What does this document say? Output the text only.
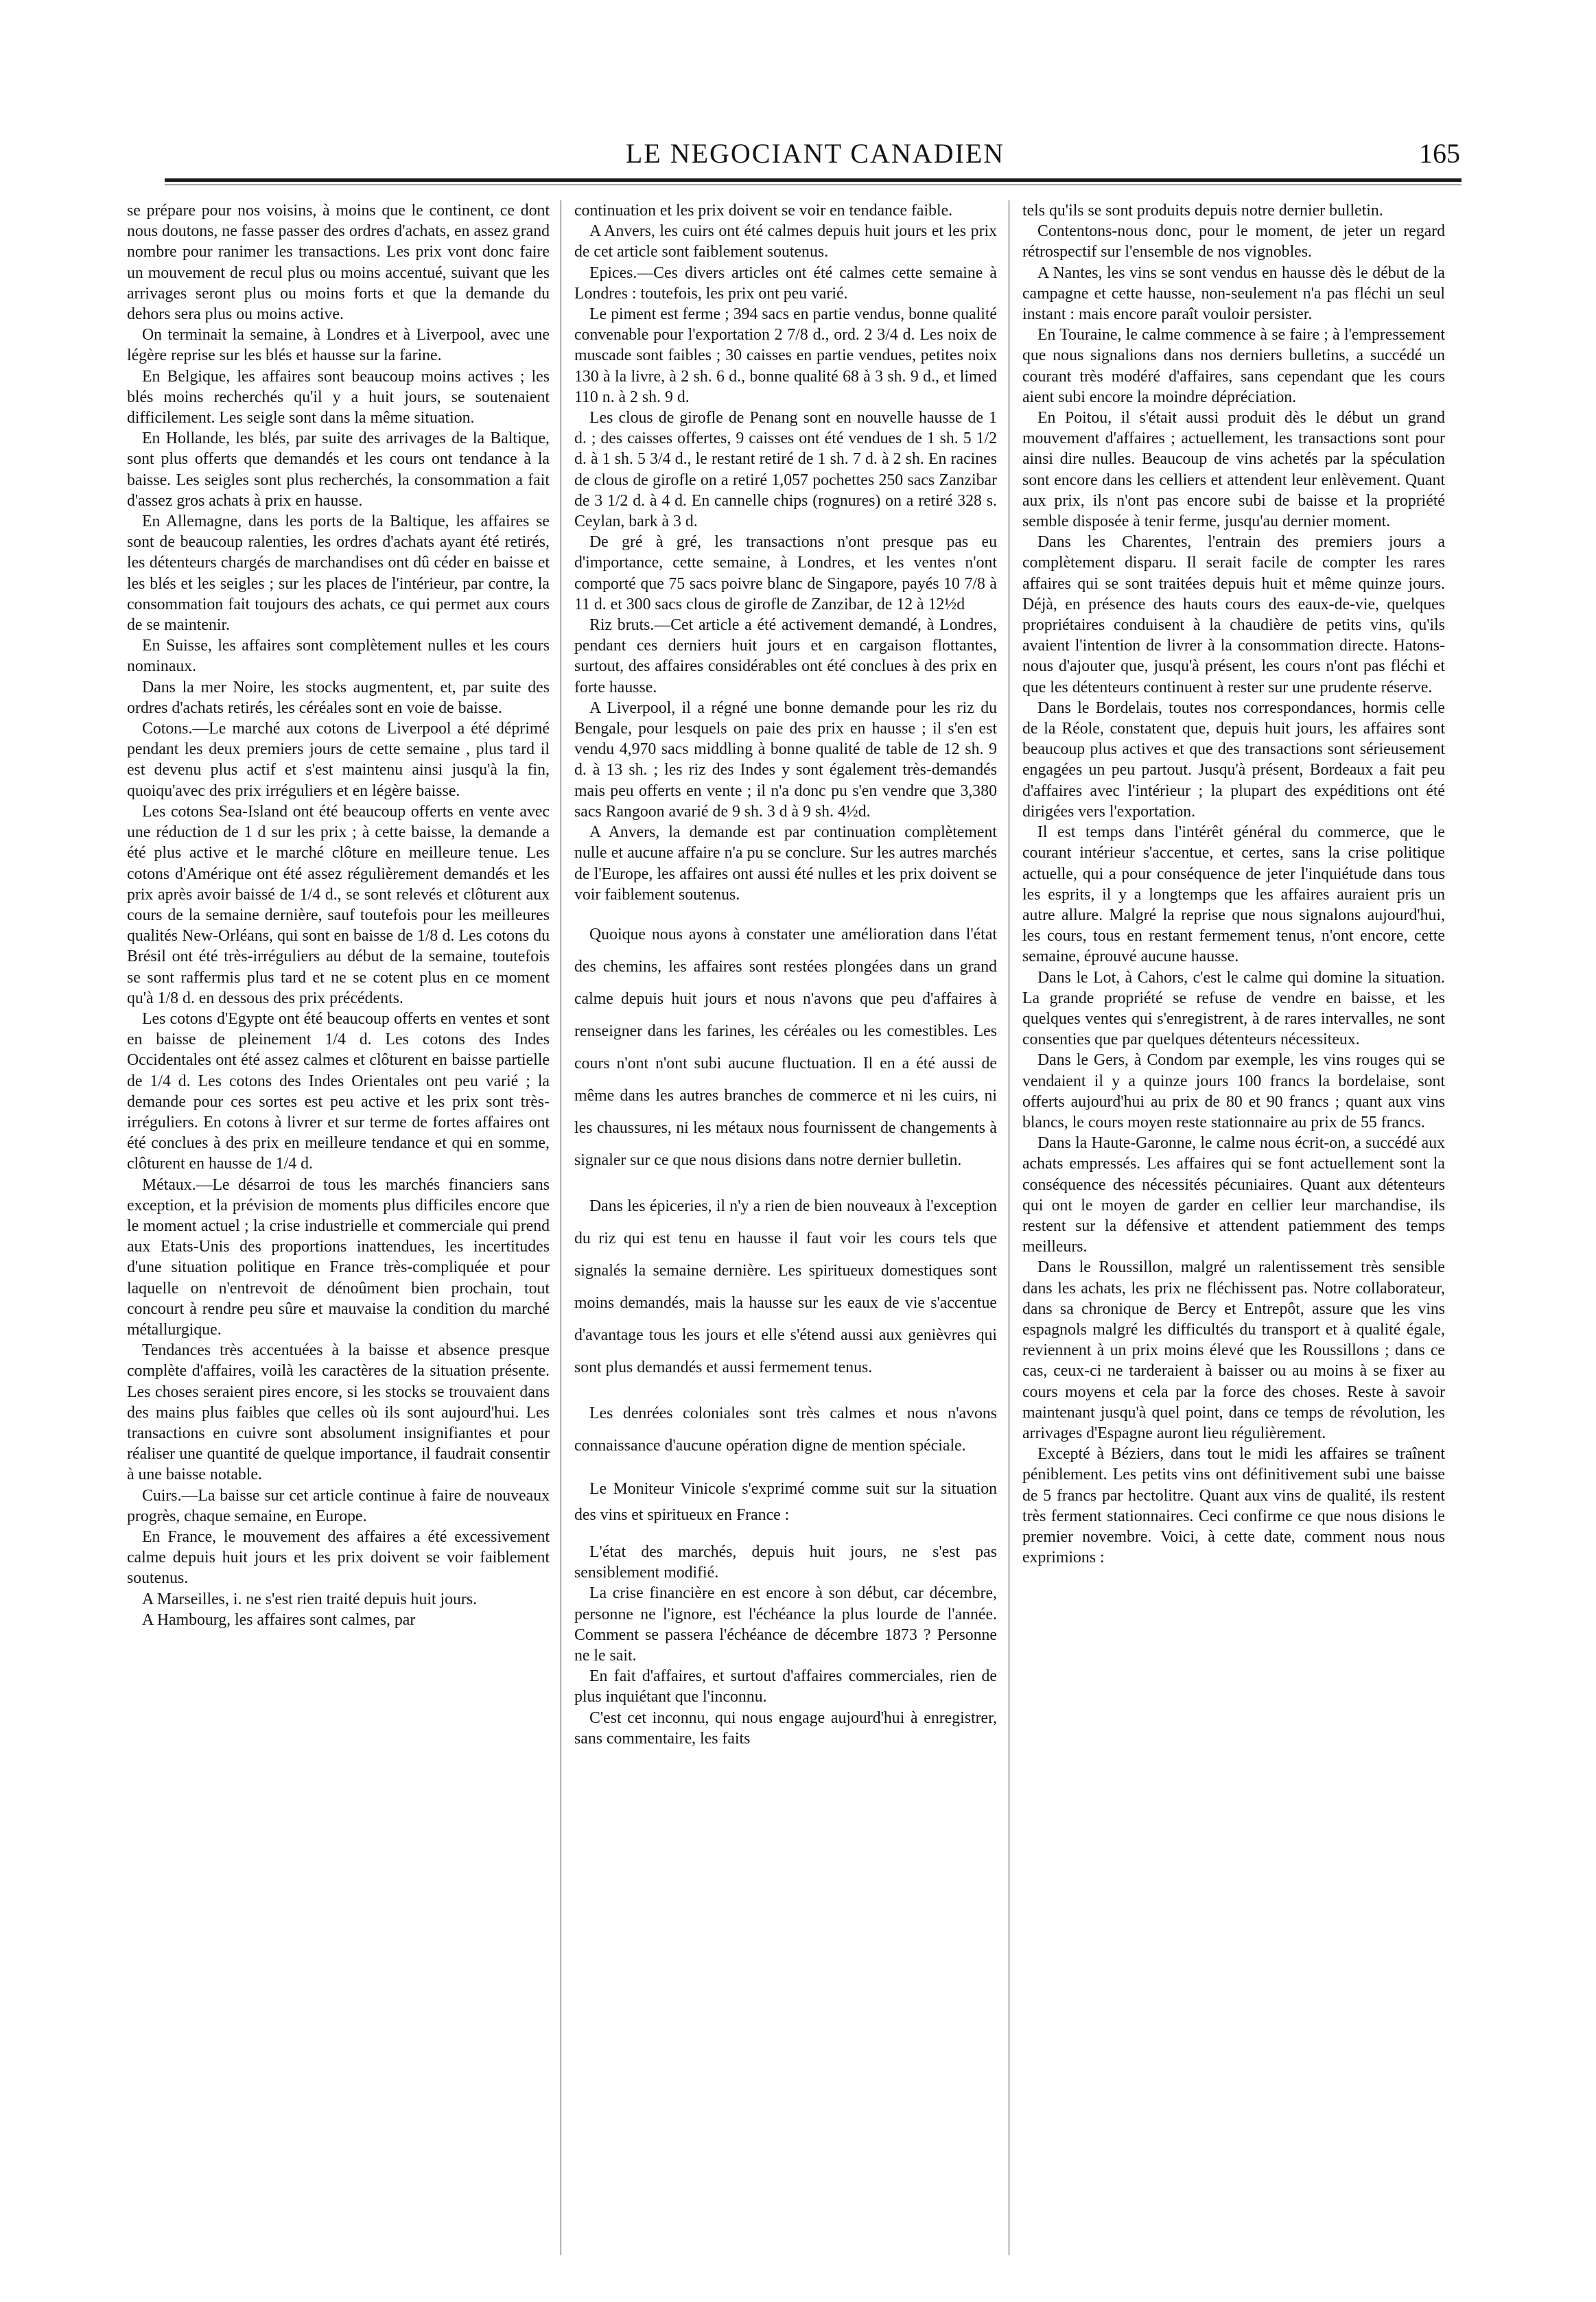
LE NEGOCIANT CANADIEN	165

se prépare pour nos voisins, à moins que le continent, ce dont nous doutons, ne fasse passer des ordres d'achats, en assez grand nombre pour ranimer les transactions. Les prix vont donc faire un mouvement de recul plus ou moins accentué, suivant que les arrivages seront plus ou moins forts et que la demande du dehors sera plus ou moins active.

On terminait la semaine, à Londres et à Liverpool, avec une légère reprise sur les blés et hausse sur la farine.

En Belgique, les affaires sont beaucoup moins actives ; les blés moins recherchés qu'il y a huit jours, se soutenaient difficilement. Les seigle sont dans la même situation.

En Hollande, les blés, par suite des arrivages de la Baltique, sont plus offerts que demandés et les cours ont tendance à la baisse. Les seigles sont plus recherchés, la consommation a fait d'assez gros achats à prix en hausse.

En Allemagne, dans les ports de la Baltique, les affaires se sont de beaucoup ralenties, les ordres d'achats ayant été retirés, les détenteurs chargés de marchandises ont dû céder en baisse et les blés et les seigles ; sur les places de l'intérieur, par contre, la consommation fait toujours des achats, ce qui permet aux cours de se maintenir.

En Suisse, les affaires sont complètement nulles et les cours nominaux.

Dans la mer Noire, les stocks augmentent, et, par suite des ordres d'achats retirés, les céréales sont en voie de baisse.

Cotons.—Le marché aux cotons de Liverpool a été déprimé pendant les deux premiers jours de cette semaine , plus tard il est devenu plus actif et s'est maintenu ainsi jusqu'à la fin, quoiqu'avec des prix irréguliers et en légère baisse.

Les cotons Sea-Island ont été beaucoup offerts en vente avec une réduction de 1 d sur les prix ; à cette baisse, la demande a été plus active et le marché clôture en meilleure tenue. Les cotons d'Amérique ont été assez régulièrement demandés et les prix après avoir baissé de 1/4 d., se sont relevés et clôturent aux cours de la semaine dernière, sauf toutefois pour les meilleures qualités New-Orléans, qui sont en baisse de 1/8 d. Les cotons du Brésil ont été très-irréguliers au début de la semaine, toutefois se sont raffermis plus tard et ne se cotent plus en ce moment qu'à 1/8 d. en dessous des prix précédents.

Les cotons d'Egypte ont été beaucoup offerts en ventes et sont en baisse de pleinement 1/4 d. Les cotons des Indes Occidentales ont été assez calmes et clôturent en baisse partielle de 1/4 d. Les cotons des Indes Orientales ont peu varié ; la demande pour ces sortes est peu active et les prix sont très-irréguliers. En cotons à livrer et sur terme de fortes affaires ont été conclues à des prix en meilleure tendance et qui en somme, clôturent en hausse de 1/4 d.

Métaux.—Le désarroi de tous les marchés financiers sans exception, et la prévision de moments plus difficiles encore que le moment actuel ; la crise industrielle et commerciale qui prend aux Etats-Unis des proportions inattendues, les incertitudes d'une situation politique en France très-compliquée et pour laquelle on n'entrevoit de dénoûment bien prochain, tout concourt à rendre peu sûre et mauvaise la condition du marché métallurgique.

Tendances très accentuées à la baisse et absence presque complète d'affaires, voilà les caractères de la situation présente. Les choses seraient pires encore, si les stocks se trouvaient dans des mains plus faibles que celles où ils sont aujourd'hui. Les transactions en cuivre sont absolument insignifiantes et pour réaliser une quantité de quelque importance, il faudrait consentir à une baisse notable.

Cuirs.—La baisse sur cet article continue à faire de nouveaux progrès, chaque semaine, en Europe.

En France, le mouvement des affaires a été excessivement calme depuis huit jours et les prix doivent se voir faiblement soutenus.

A Marseilles, i. ne s'est rien traité depuis huit jours.

A Hambourg, les affaires sont calmes, par

continuation et les prix doivent se voir en tendance faible.

A Anvers, les cuirs ont été calmes depuis huit jours et les prix de cet article sont faiblement soutenus.

Epices.—Ces divers articles ont été calmes cette semaine à Londres : toutefois, les prix ont peu varié.

Le piment est ferme ; 394 sacs en partie vendus, bonne qualité convenable pour l'exportation 2 7/8 d., ord. 2 3/4 d. Les noix de muscade sont faibles ; 30 caisses en partie vendues, petites noix 130 à la livre, à 2 sh. 6 d., bonne qualité 68 à 3 sh. 9 d., et limed 110 n. à 2 sh. 9 d.

Les clous de girofle de Penang sont en nouvelle hausse de 1 d. ; des caisses offertes, 9 caisses ont été vendues de 1 sh. 5 1/2 d. à 1 sh. 5 3/4 d., le restant retiré de 1 sh. 7 d. à 2 sh. En racines de clous de girofle on a retiré 1,057 pochettes 250 sacs Zanzibar de 3 1/2 d. à 4 d. En cannelle chips (rognures) on a retiré 328 s. Ceylan, bark à 3 d.

De gré à gré, les transactions n'ont presque pas eu d'importance, cette semaine, à Londres, et les ventes n'ont comporté que 75 sacs poivre blanc de Singapore, payés 10 7/8 à 11 d. et 300 sacs clous de girofle de Zanzibar, de 12 à 12½d

Riz bruts.—Cet article a été activement demandé, à Londres, pendant ces derniers huit jours et en cargaison flottantes, surtout, des affaires considérables ont été conclues à des prix en forte hausse.

A Liverpool, il a régné une bonne demande pour les riz du Bengale, pour lesquels on paie des prix en hausse ; il s'en est vendu 4,970 sacs middling à bonne qualité de table de 12 sh. 9 d. à 13 sh. ; les riz des Indes y sont également très-demandés mais peu offerts en vente ; il n'a donc pu s'en vendre que 3,380 sacs Rangoon avarié de 9 sh. 3 d à 9 sh. 4½d.

A Anvers, la demande est par continuation complètement nulle et aucune affaire n'a pu se conclure. Sur les autres marchés de l'Europe, les affaires ont aussi été nulles et les prix doivent se voir faiblement soutenus.

Quoique nous ayons à constater une amélioration dans l'état des chemins, les affaires sont restées plongées dans un grand calme depuis huit jours et nous n'avons que peu d'affaires à renseigner dans les farines, les céréales ou les comestibles. Les cours n'ont n'ont subi aucune fluctuation. Il en a été aussi de même dans les autres branches de commerce et ni les cuirs, ni les chaussures, ni les métaux nous fournissent de changements à signaler sur ce que nous disions dans notre dernier bulletin.

Dans les épiceries, il n'y a rien de bien nouveaux à l'exception du riz qui est tenu en hausse il faut voir les cours tels que signalés la semaine dernière. Les spiritueux domestiques sont moins demandés, mais la hausse sur les eaux de vie s'accentue d'avantage tous les jours et elle s'étend aussi aux genièvres qui sont plus demandés et aussi fermement tenus.

Les denrées coloniales sont très calmes et nous n'avons connaissance d'aucune opération digne de mention spéciale.

Le Moniteur Vinicole s'exprimé comme suit sur la situation des vins et spiritueux en France :

L'état des marchés, depuis huit jours, ne s'est pas sensiblement modifié.

La crise financière en est encore à son début, car décembre, personne ne l'ignore, est l'échéance la plus lourde de l'année. Comment se passera l'échéance de décembre 1873 ? Personne ne le sait.

En fait d'affaires, et surtout d'affaires commerciales, rien de plus inquiétant que l'inconnu.

C'est cet inconnu, qui nous engage aujourd'hui à enregistrer, sans commentaire, les faits

tels qu'ils se sont produits depuis notre dernier bulletin.

Contentons-nous donc, pour le moment, de jeter un regard rétrospectif sur l'ensemble de nos vignobles.

A Nantes, les vins se sont vendus en hausse dès le début de la campagne et cette hausse, non-seulement n'a pas fléchi un seul instant : mais encore paraît vouloir persister.

En Touraine, le calme commence à se faire ; à l'empressement que nous signalions dans nos derniers bulletins, a succédé un courant très modéré d'affaires, sans cependant que les cours aient subi encore la moindre dépréciation.

En Poitou, il s'était aussi produit dès le début un grand mouvement d'affaires ; actuellement, les transactions sont pour ainsi dire nulles. Beaucoup de vins achetés par la spéculation sont encore dans les celliers et attendent leur enlèvement. Quant aux prix, ils n'ont pas encore subi de baisse et la propriété semble disposée à tenir ferme, jusqu'au dernier moment.

Dans les Charentes, l'entrain des premiers jours a complètement disparu. Il serait facile de compter les rares affaires qui se sont traitées depuis huit et même quinze jours. Déjà, en présence des hauts cours des eaux-de-vie, quelques propriétaires conduisent à la chaudière de petits vins, qu'ils avaient l'intention de livrer à la consommation directe. Hatons-nous d'ajouter que, jusqu'à présent, les cours n'ont pas fléchi et que les détenteurs continuent à rester sur une prudente réserve.

Dans le Bordelais, toutes nos correspondances, hormis celle de la Réole, constatent que, depuis huit jours, les affaires sont beaucoup plus actives et que des transactions sont sérieusement engagées un peu partout. Jusqu'à présent, Bordeaux a fait peu d'affaires avec l'intérieur ; la plupart des expéditions ont été dirigées vers l'exportation.

Il est temps dans l'intérêt général du commerce, que le courant intérieur s'accentue, et certes, sans la crise politique actuelle, qui a pour conséquence de jeter l'inquiétude dans tous les esprits, il y a longtemps que les affaires auraient pris un autre allure. Malgré la reprise que nous signalons aujourd'hui, les cours, tous en restant fermement tenus, n'ont encore, cette semaine, éprouvé aucune hausse.

Dans le Lot, à Cahors, c'est le calme qui domine la situation. La grande propriété se refuse de vendre en baisse, et les quelques ventes qui s'enregistrent, à de rares intervalles, ne sont consenties que par quelques détenteurs nécessiteux.

Dans le Gers, à Condom par exemple, les vins rouges qui se vendaient il y a quinze jours 100 francs la bordelaise, sont offerts aujourd'hui au prix de 80 et 90 francs ; quant aux vins blancs, le cours moyen reste stationnaire au prix de 55 francs.

Dans la Haute-Garonne, le calme nous écrit-on, a succédé aux achats empressés. Les affaires qui se font actuellement sont la conséquence des nécessités pécuniaires. Quant aux détenteurs qui ont le moyen de garder en cellier leur marchandise, ils restent sur la défensive et attendent patiemment des temps meilleurs.

Dans le Roussillon, malgré un ralentissement très sensible dans les achats, les prix ne fléchissent pas. Notre collaborateur, dans sa chronique de Bercy et Entrepôt, assure que les vins espagnols malgré les difficultés du transport et à qualité égale, reviennent à un prix moins élevé que les Roussillons ; dans ce cas, ceux-ci ne tarderaient à baisser ou au moins à se fixer au cours moyens et cela par la force des choses. Reste à savoir maintenant jusqu'à quel point, dans ce temps de révolution, les arrivages d'Espagne auront lieu régulièrement.

Excepté à Béziers, dans tout le midi les affaires se traînent péniblement. Les petits vins ont définitivement subi une baisse de 5 francs par hectolitre. Quant aux vins de qualité, ils restent très ferment stationnaires. Ceci confirme ce que nous disions le premier novembre. Voici, à cette date, comment nous nous exprimions :
